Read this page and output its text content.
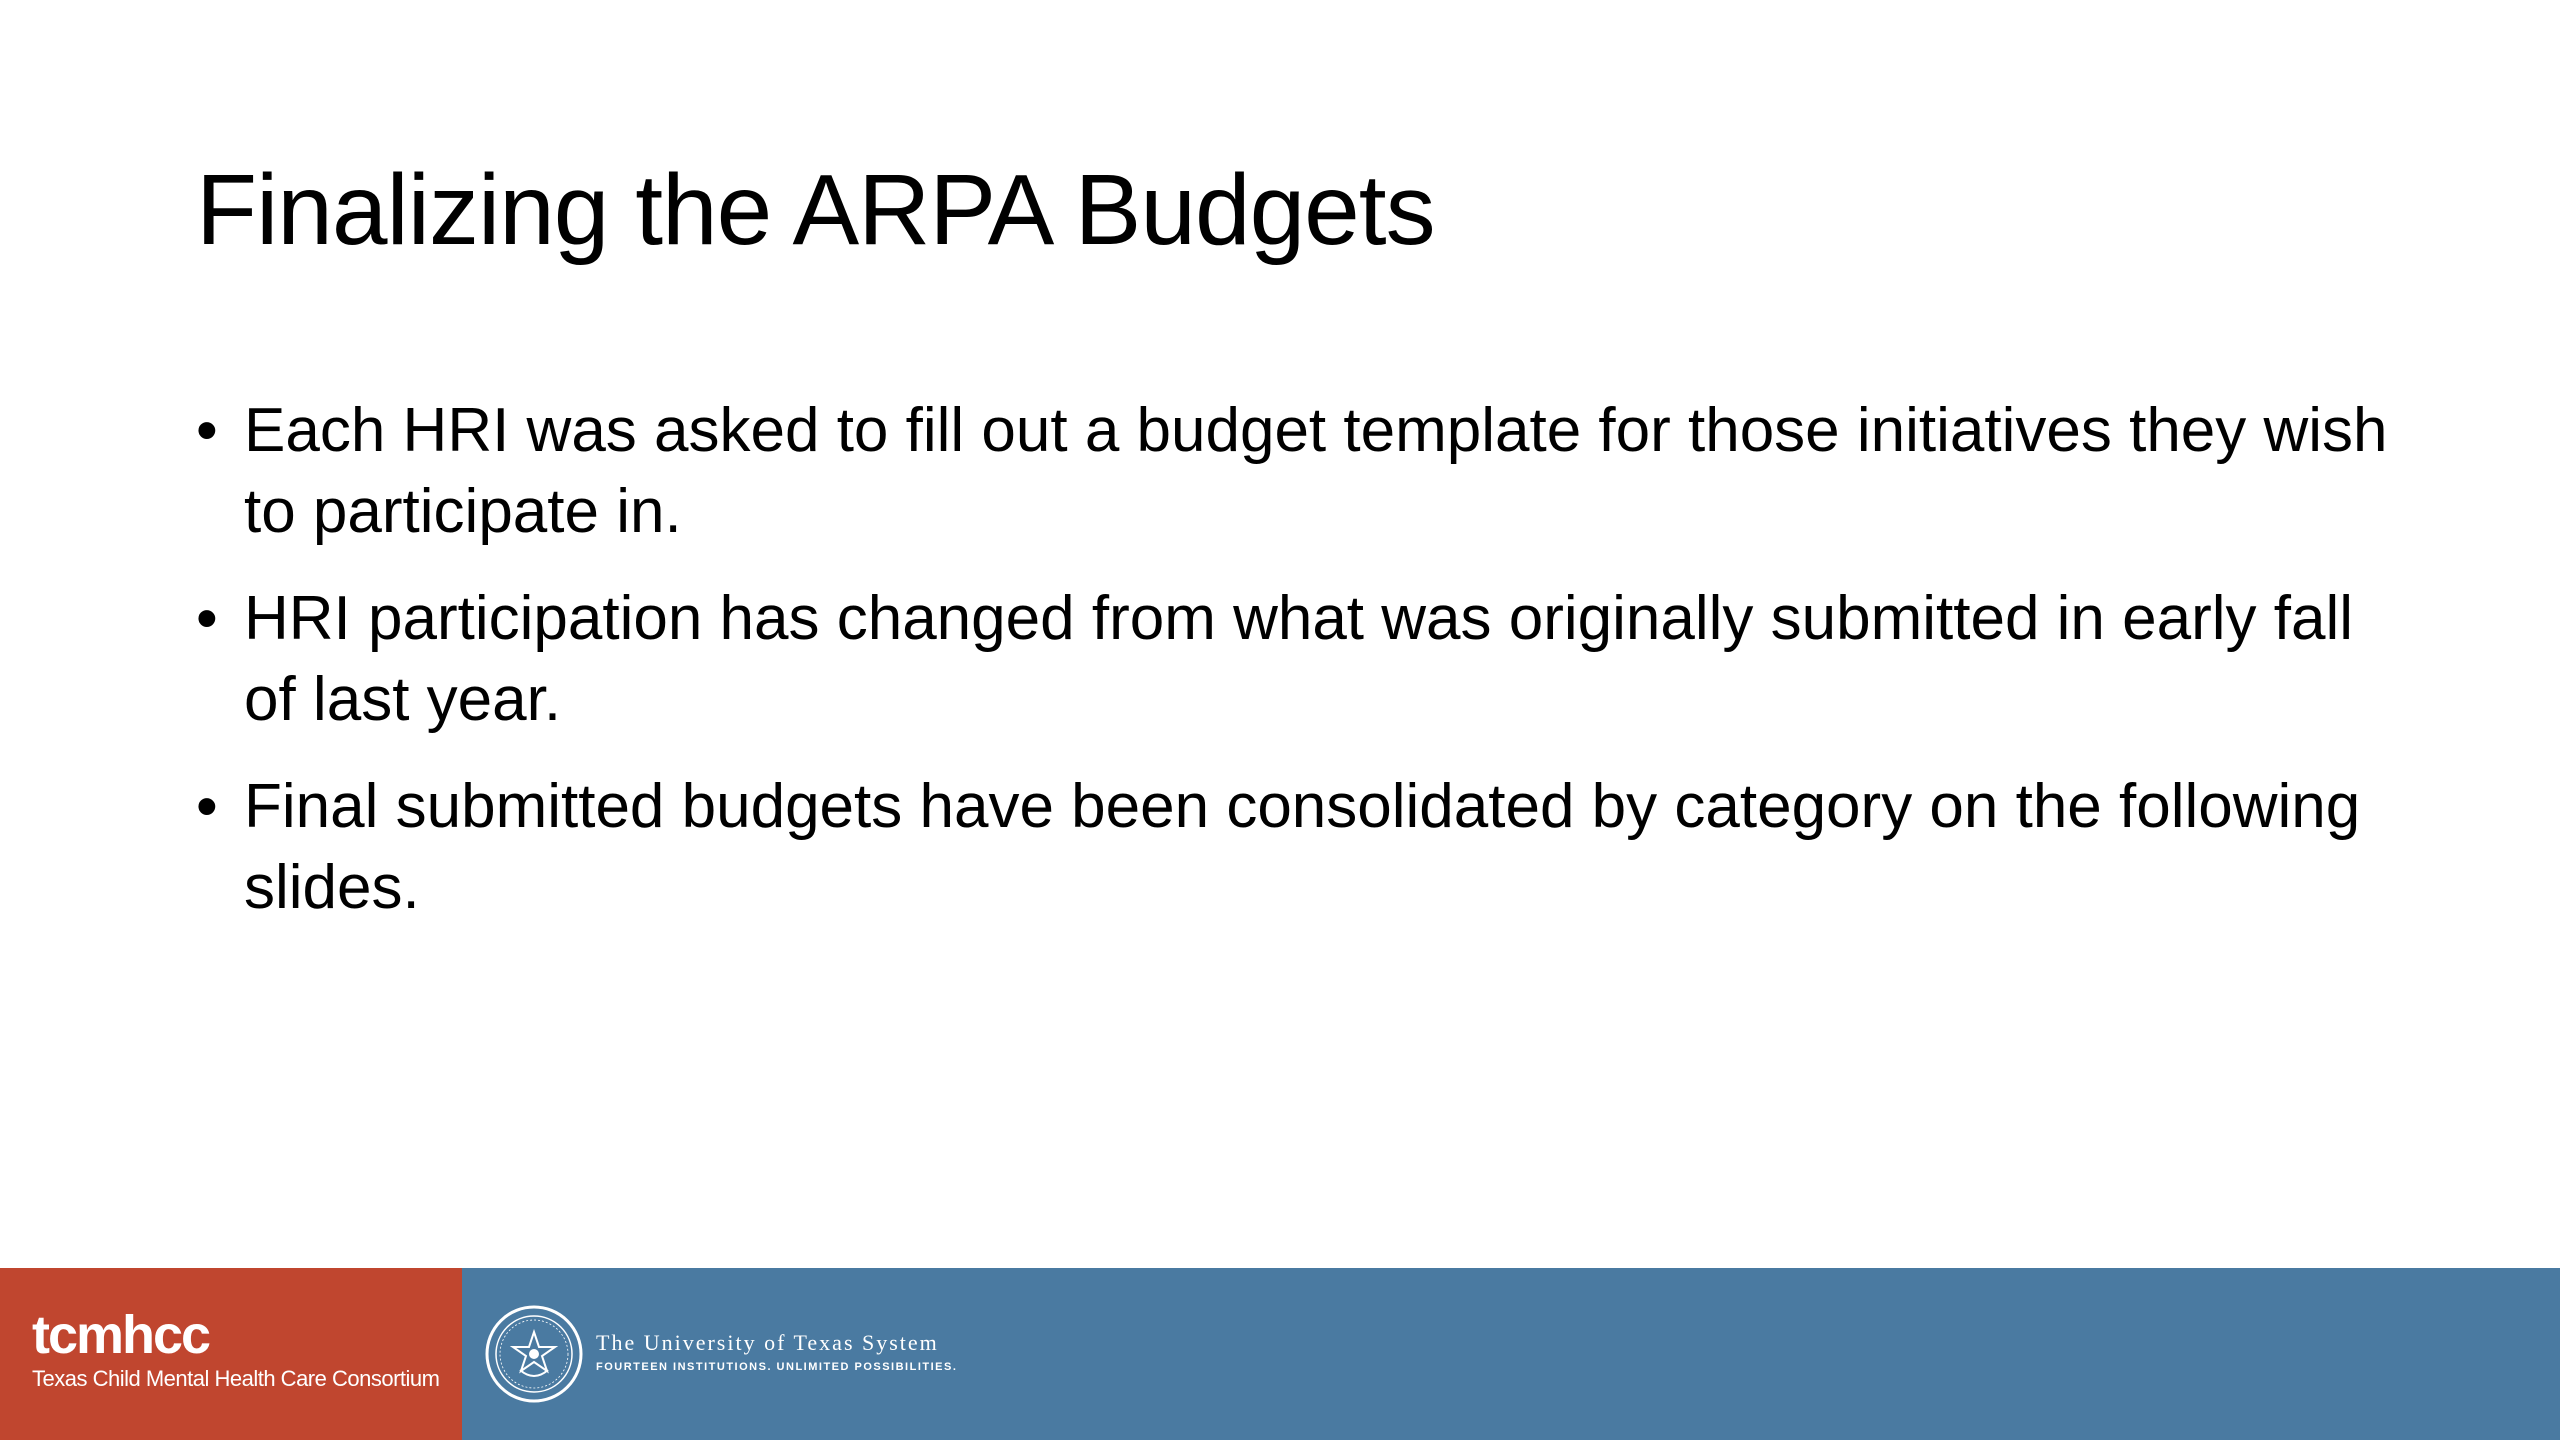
Finalizing the ARPA Budgets
• Each HRI was asked to fill out a budget template for those initiatives they wish to participate in.
• HRI participation has changed from what was originally submitted in early fall of last year.
• Final submitted budgets have been consolidated by category on the following slides.
tcmhcc
Texas Child Mental Health Care Consortium
The University of Texas System
FOURTEEN INSTITUTIONS. UNLIMITED POSSIBILITIES.
